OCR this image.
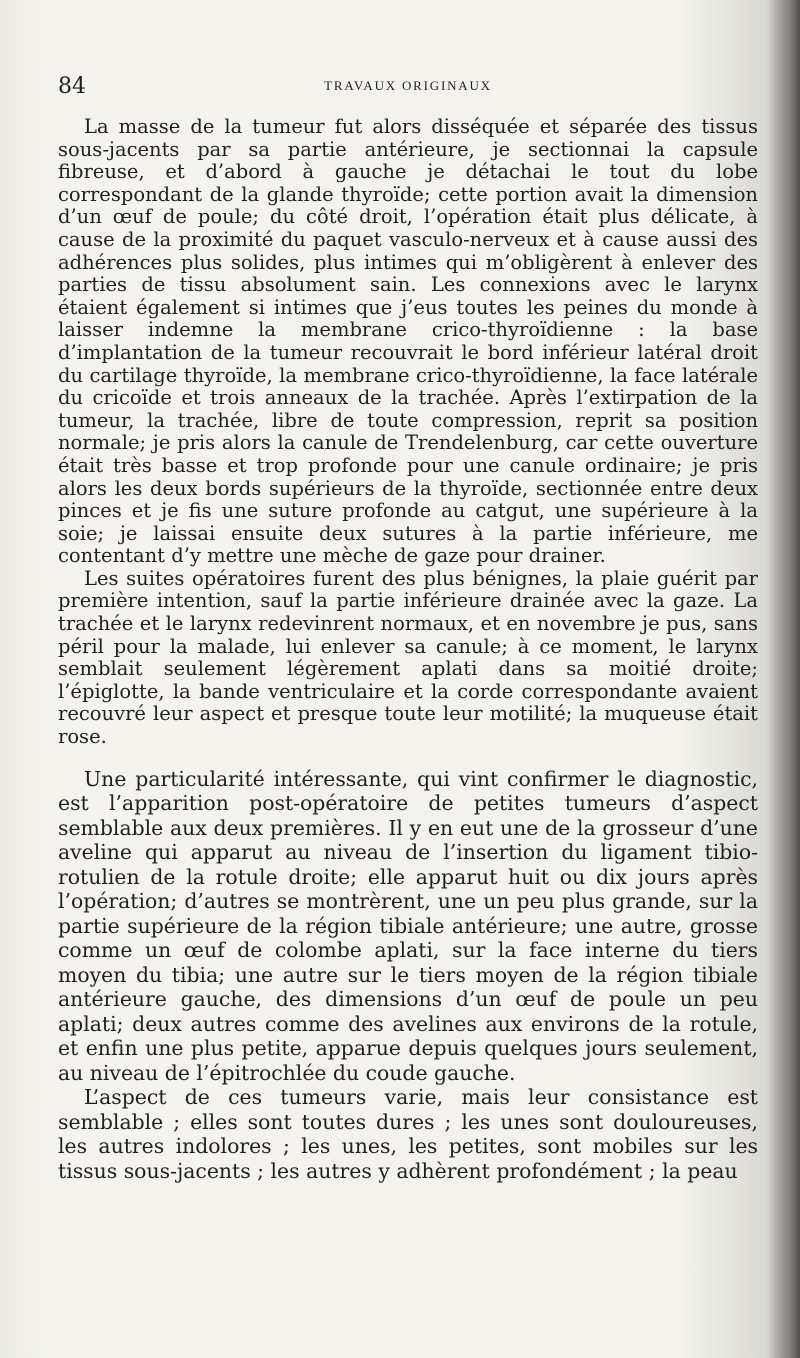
84	TRAVAUX ORIGINAUX

La masse de la tumeur fut alors disséquée et séparée des tissus sous-jacents par sa partie antérieure, je sectionnai la capsule fibreuse, et d’abord à gauche je détachai le tout du lobe correspondant de la glande thyroïde; cette portion avait la dimension d’un œuf de poule; du côté droit, l’opération était plus délicate, à cause de la proximité du paquet vasculo-nerveux et à cause aussi des adhérences plus solides, plus intimes qui m’obligèrent à enlever des parties de tissu absolument sain. Les connexions avec le larynx étaient également si intimes que j’eus toutes les peines du monde à laisser indemne la membrane crico-thyroïdienne : la base d’implantation de la tumeur recouvrait le bord inférieur latéral droit du cartilage thyroïde, la membrane crico-thyroïdienne, la face latérale du cricoïde et trois anneaux de la trachée. Après l’extirpation de la tumeur, la trachée, libre de toute compression, reprit sa position normale; je pris alors la canule de Trendelenburg, car cette ouverture était très basse et trop profonde pour une canule ordinaire; je pris alors les deux bords supérieurs de la thyroïde, sectionnée entre deux pinces et je fis une suture profonde au catgut, une supérieure à la soie; je laissai ensuite deux sutures à la partie inférieure, me contentant d’y mettre une mèche de gaze pour drainer.

Les suites opératoires furent des plus bénignes, la plaie guérit par première intention, sauf la partie inférieure drainée avec la gaze. La trachée et le larynx redevinrent normaux, et en novembre je pus, sans péril pour la malade, lui enlever sa canule; à ce moment, le larynx semblait seulement légèrement aplati dans sa moitié droite; l’épiglotte, la bande ventriculaire et la corde correspondante avaient recouvré leur aspect et presque toute leur motilité; la muqueuse était rose.

Une particularité intéressante, qui vint confirmer le diagnostic, est l’apparition post-opératoire de petites tumeurs d’aspect semblable aux deux premières. Il y en eut une de la grosseur d’une aveline qui apparut au niveau de l’insertion du ligament tibio-rotulien de la rotule droite; elle apparut huit ou dix jours après l’opération; d’autres se montrèrent, une un peu plus grande, sur la partie supérieure de la région tibiale antérieure; une autre, grosse comme un œuf de colombe aplati, sur la face interne du tiers moyen du tibia; une autre sur le tiers moyen de la région tibiale antérieure gauche, des dimensions d’un œuf de poule un peu aplati; deux autres comme des avelines aux environs de la rotule, et enfin une plus petite, apparue depuis quelques jours seulement, au niveau de l’épitrochlée du coude gauche.

L’aspect de ces tumeurs varie, mais leur consistance est semblable ; elles sont toutes dures ; les unes sont douloureuses, les autres indolores ; les unes, les petites, sont mobiles sur les tissus sous-jacents ; les autres y adhèrent profondément ; la peau
